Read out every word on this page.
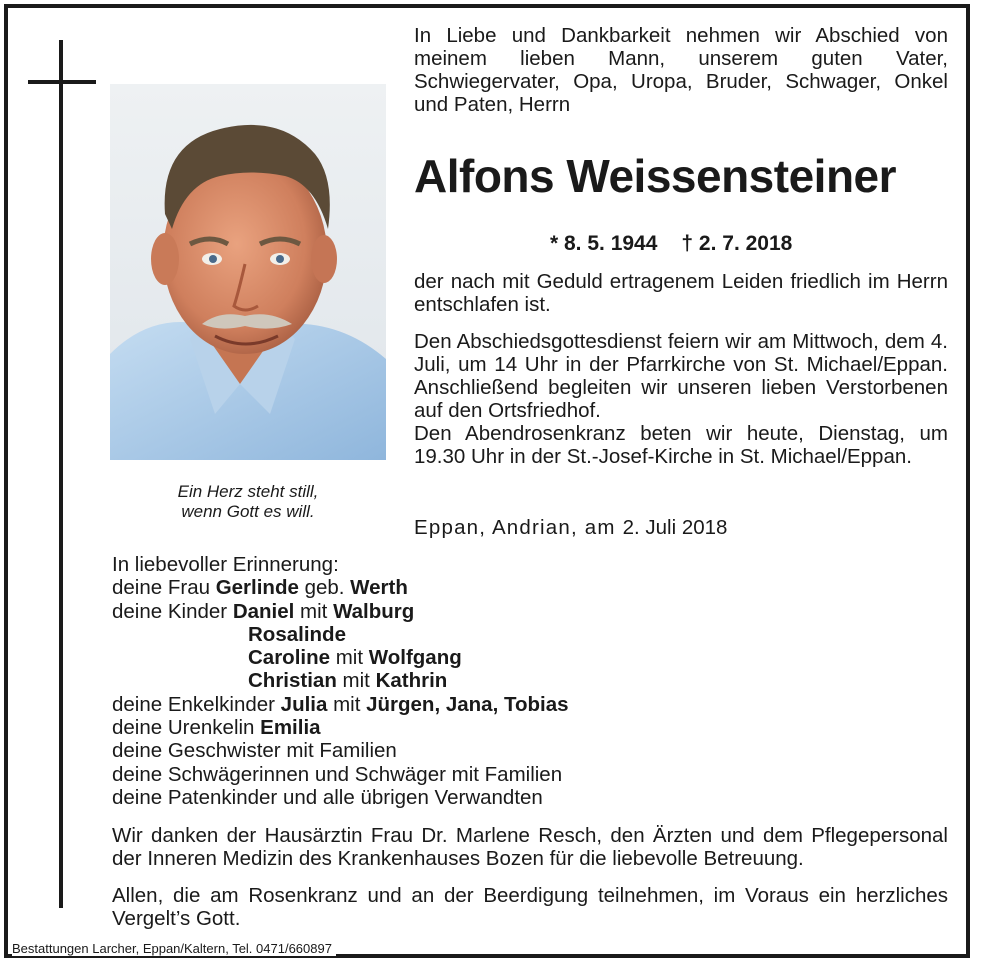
Ein Herz steht still,
wenn Gott es will.

In Liebe und Dankbarkeit nehmen wir Abschied von meinem lieben Mann, unserem guten Vater, Schwiegervater, Opa, Uropa, Bruder, Schwager, Onkel und Paten, Herrn

Alfons Weissensteiner
* 8. 5. 1944 † 2. 7. 2018

der nach mit Geduld ertragenem Leiden friedlich im Herrn entschlafen ist.

Den Abschiedsgottesdienst feiern wir am Mittwoch, dem 4. Juli, um 14 Uhr in der Pfarrkirche von St. Michael/Eppan. Anschließend begleiten wir unseren lieben Verstorbenen auf den Ortsfriedhof.
Den Abendrosenkranz beten wir heute, Dienstag, um 19.30 Uhr in der St.-Josef-Kirche in St. Michael/Eppan.
Eppan, Andrian, am 2. Juli 2018
In liebevoller Erinnerung:
deine Frau Gerlinde geb. Werth
deine Kinder Daniel mit Walburg
Rosalinde
Caroline mit Wolfgang
Christian mit Kathrin
deine Enkelkinder Julia mit Jürgen, Jana, Tobias
deine Urenkelin Emilia
deine Geschwister mit Familien
deine Schwägerinnen und Schwäger mit Familien
deine Patenkinder und alle übrigen Verwandten

Wir danken der Hausärztin Frau Dr. Marlene Resch, den Ärzten und dem Pflegepersonal der Inneren Medizin des Krankenhauses Bozen für die liebevolle Betreuung.

Allen, die am Rosenkranz und an der Beerdigung teilnehmen, im Voraus ein herzliches Vergelt’s Gott.

Bestattungen Larcher, Eppan/Kaltern, Tel. 0471/660897
